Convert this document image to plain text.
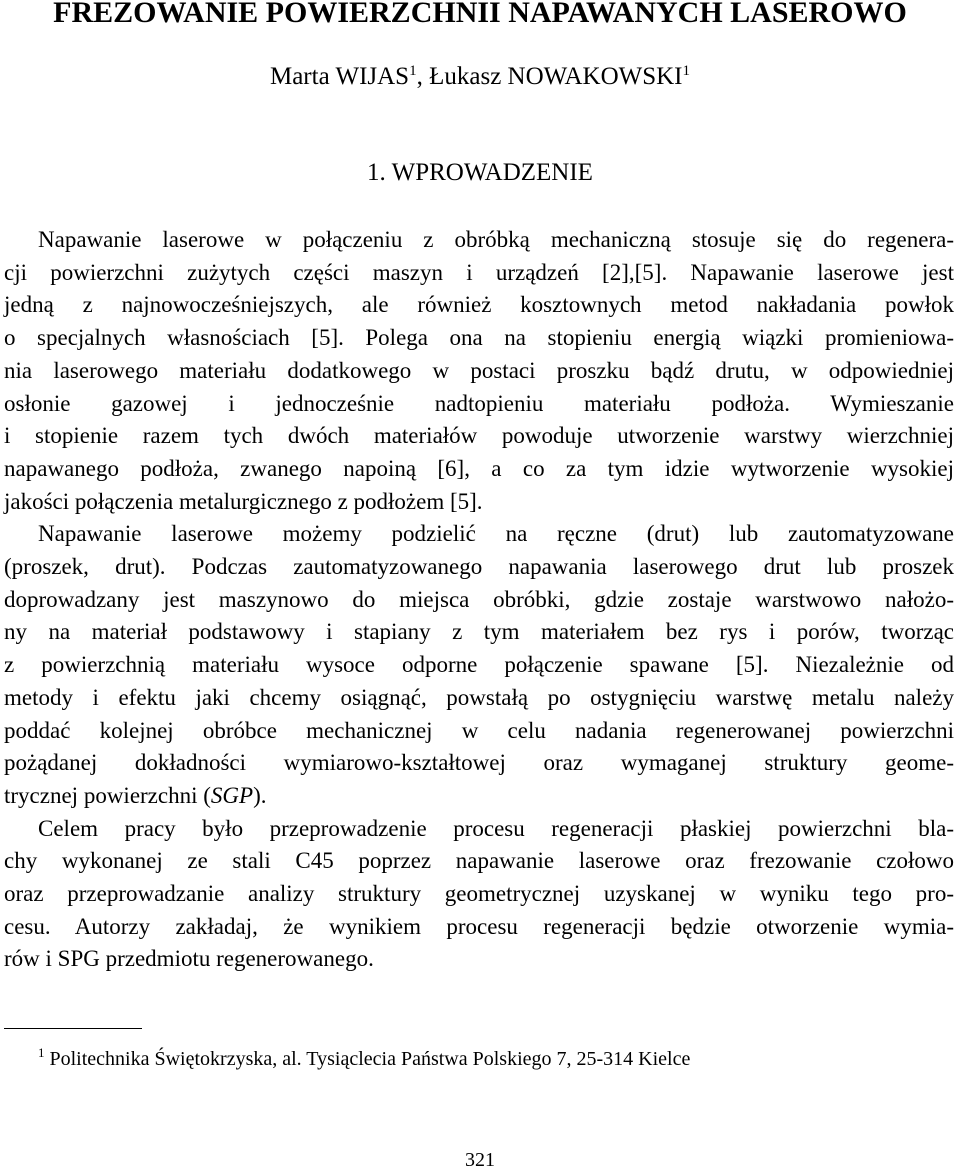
FREZOWANIE POWIERZCHNII NAPAWANYCH LASEROWO
Marta WIJAS$^1$, Łukasz NOWAKOWSKI$^1$
1. WPROWADZENIE
Napawanie laserowe w połączeniu z obróbką mechaniczną stosuje się do regenera-
cji powierzchni zużytych części maszyn i urządzeń [2],[5]. Napawanie laserowe jest
jedną z najnowocześniejszych, ale również kosztownych metod nakładania powłok
o specjalnych własnościach [5]. Polega ona na stopieniu energią wiązki promieniowa-
nia laserowego materiału dodatkowego w postaci proszku bądź drutu, w odpowiedniej
osłonie gazowej i jednocześnie nadtopieniu materiału podłoża. Wymieszanie
i stopienie razem tych dwóch materiałów powoduje utworzenie warstwy wierzchniej
napawanego podłoża, zwanego napoiną [6], a co za tym idzie wytworzenie wysokiej
jakości połączenia metalurgicznego z podłożem [5].
Napawanie laserowe możemy podzielić na ręczne (drut) lub zautomatyzowane
(proszek, drut). Podczas zautomatyzowanego napawania laserowego drut lub proszek
doprowadzany jest maszynowo do miejsca obróbki, gdzie zostaje warstwowo nałożo-
ny na materiał podstawowy i stapiany z tym materiałem bez rys i porów, tworząc
z powierzchnią materiału wysoce odporne połączenie spawane [5]. Niezależnie od
metody i efektu jaki chcemy osiągnąć, powstałą po ostygnięciu warstwę metalu należy
poddać kolejnej obróbce mechanicznej w celu nadania regenerowanej powierzchni
pożądanej dokładności wymiarowo-kształtowej oraz wymaganej struktury geome-
trycznej powierzchni (SGP).
Celem pracy było przeprowadzenie procesu regeneracji płaskiej powierzchni bla-
chy wykonanej ze stali C45 poprzez napawanie laserowe oraz frezowanie czołowo
oraz przeprowadzanie analizy struktury geometrycznej uzyskanej w wyniku tego pro-
cesu. Autorzy zakładaj, że wynikiem procesu regeneracji będzie otworzenie wymia-
rów i SPG przedmiotu regenerowanego.
$^1$ Politechnika Świętokrzyska, al. Tysiąclecia Państwa Polskiego 7, 25-314 Kielce
321
